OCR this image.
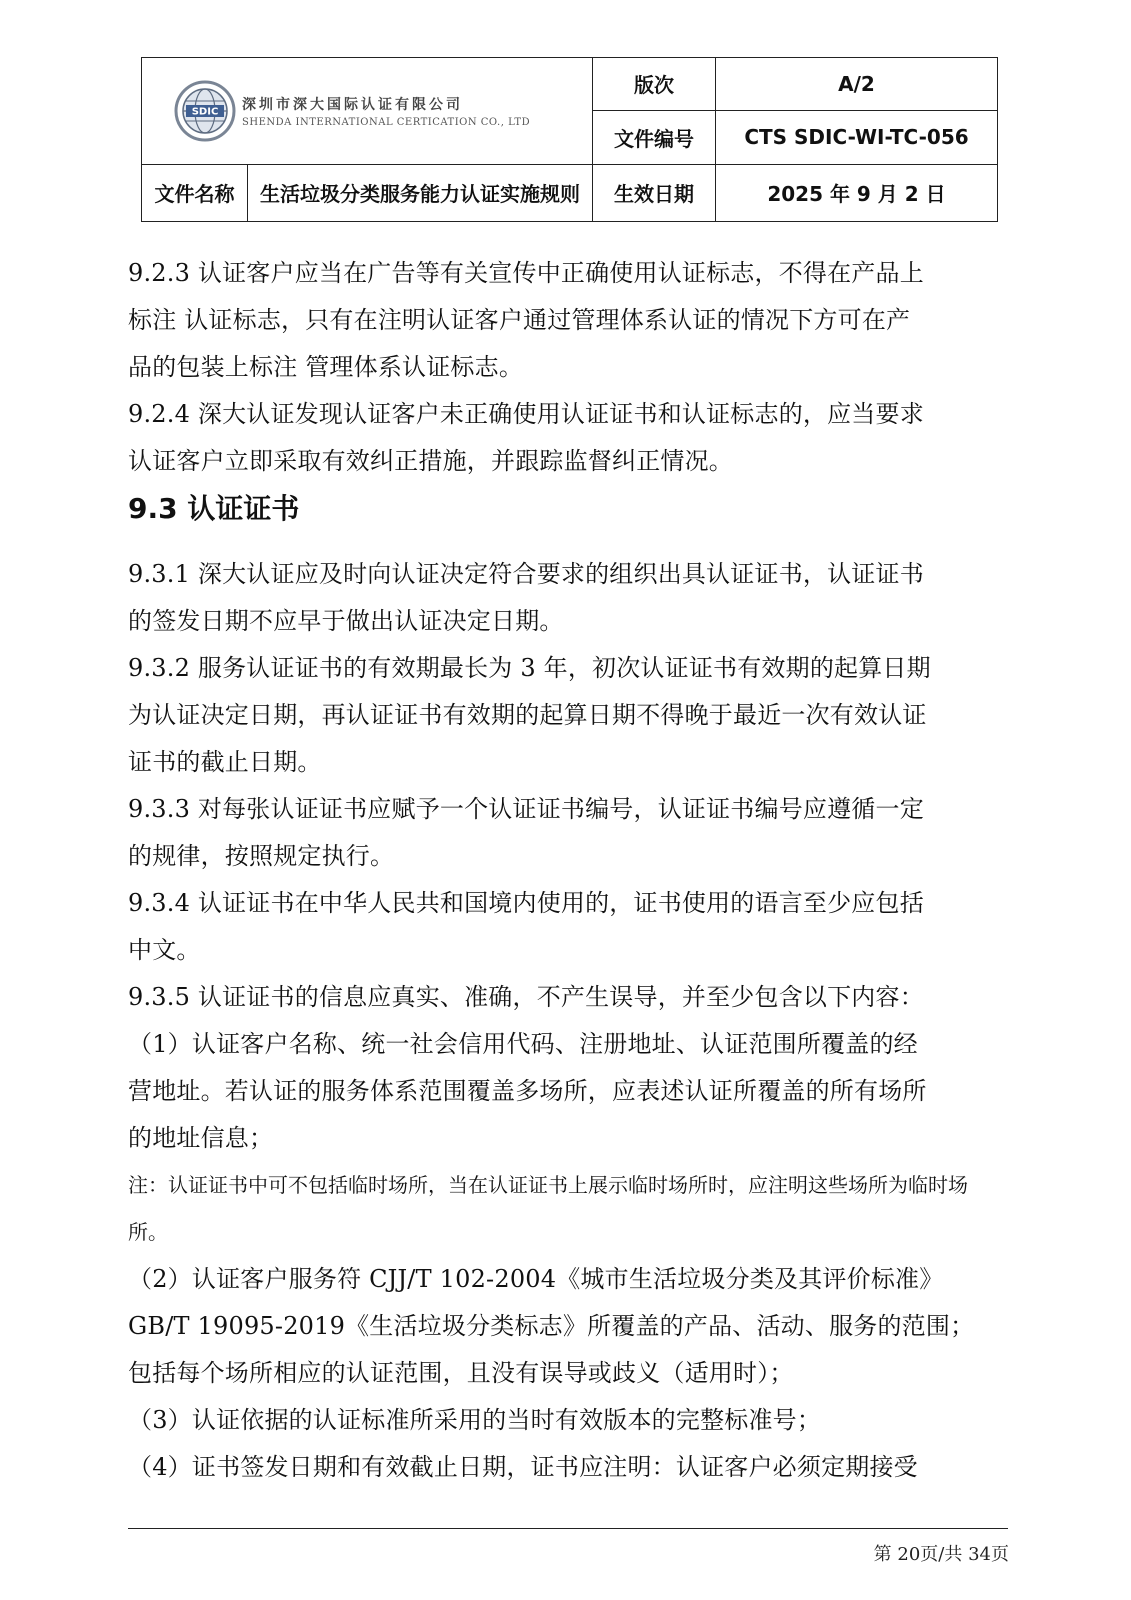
SDIC 深圳市深大国际认证有限公司
SHENDA INTERNATIONAL CERTICATION CO., LTD		版次	A/2
		文件编号	CTS SDIC-WI-TC-056
文件名称	生活垃圾分类服务能力认证实施规则	生效日期	2025 年 9 月 2 日

9.2.3 认证客户应当在广告等有关宣传中正确使用认证标志，不得在产品上

标注 认证标志，只有在注明认证客户通过管理体系认证的情况下方可在产

品的包装上标注 管理体系认证标志。

9.2.4 深大认证发现认证客户未正确使用认证证书和认证标志的，应当要求

认证客户立即采取有效纠正措施，并跟踪监督纠正情况。

9.3 认证证书

9.3.1 深大认证应及时向认证决定符合要求的组织出具认证证书，认证证书

的签发日期不应早于做出认证决定日期。

9.3.2 服务认证证书的有效期最长为 3 年，初次认证证书有效期的起算日期

为认证决定日期，再认证证书有效期的起算日期不得晚于最近一次有效认证

证书的截止日期。

9.3.3 对每张认证证书应赋予一个认证证书编号，认证证书编号应遵循一定

的规律，按照规定执行。

9.3.4 认证证书在中华人民共和国境内使用的，证书使用的语言至少应包括

中文。

9.3.5 认证证书的信息应真实、准确，不产生误导，并至少包含以下内容：

（1）认证客户名称、统一社会信用代码、注册地址、认证范围所覆盖的经

营地址。若认证的服务体系范围覆盖多场所，应表述认证所覆盖的所有场所

的地址信息；

注：认证证书中可不包括临时场所，当在认证证书上展示临时场所时，应注明这些场所为临时场

所。

（2）认证客户服务符 CJJ/T 102-2004《城市生活垃圾分类及其评价标准》

GB/T 19095-2019《生活垃圾分类标志》所覆盖的产品、活动、服务的范围；

包括每个场所相应的认证范围，且没有误导或歧义（适用时）；

（3）认证依据的认证标准所采用的当时有效版本的完整标准号；

（4）证书签发日期和有效截止日期，证书应注明：认证客户必须定期接受

第 20页/共 34页
